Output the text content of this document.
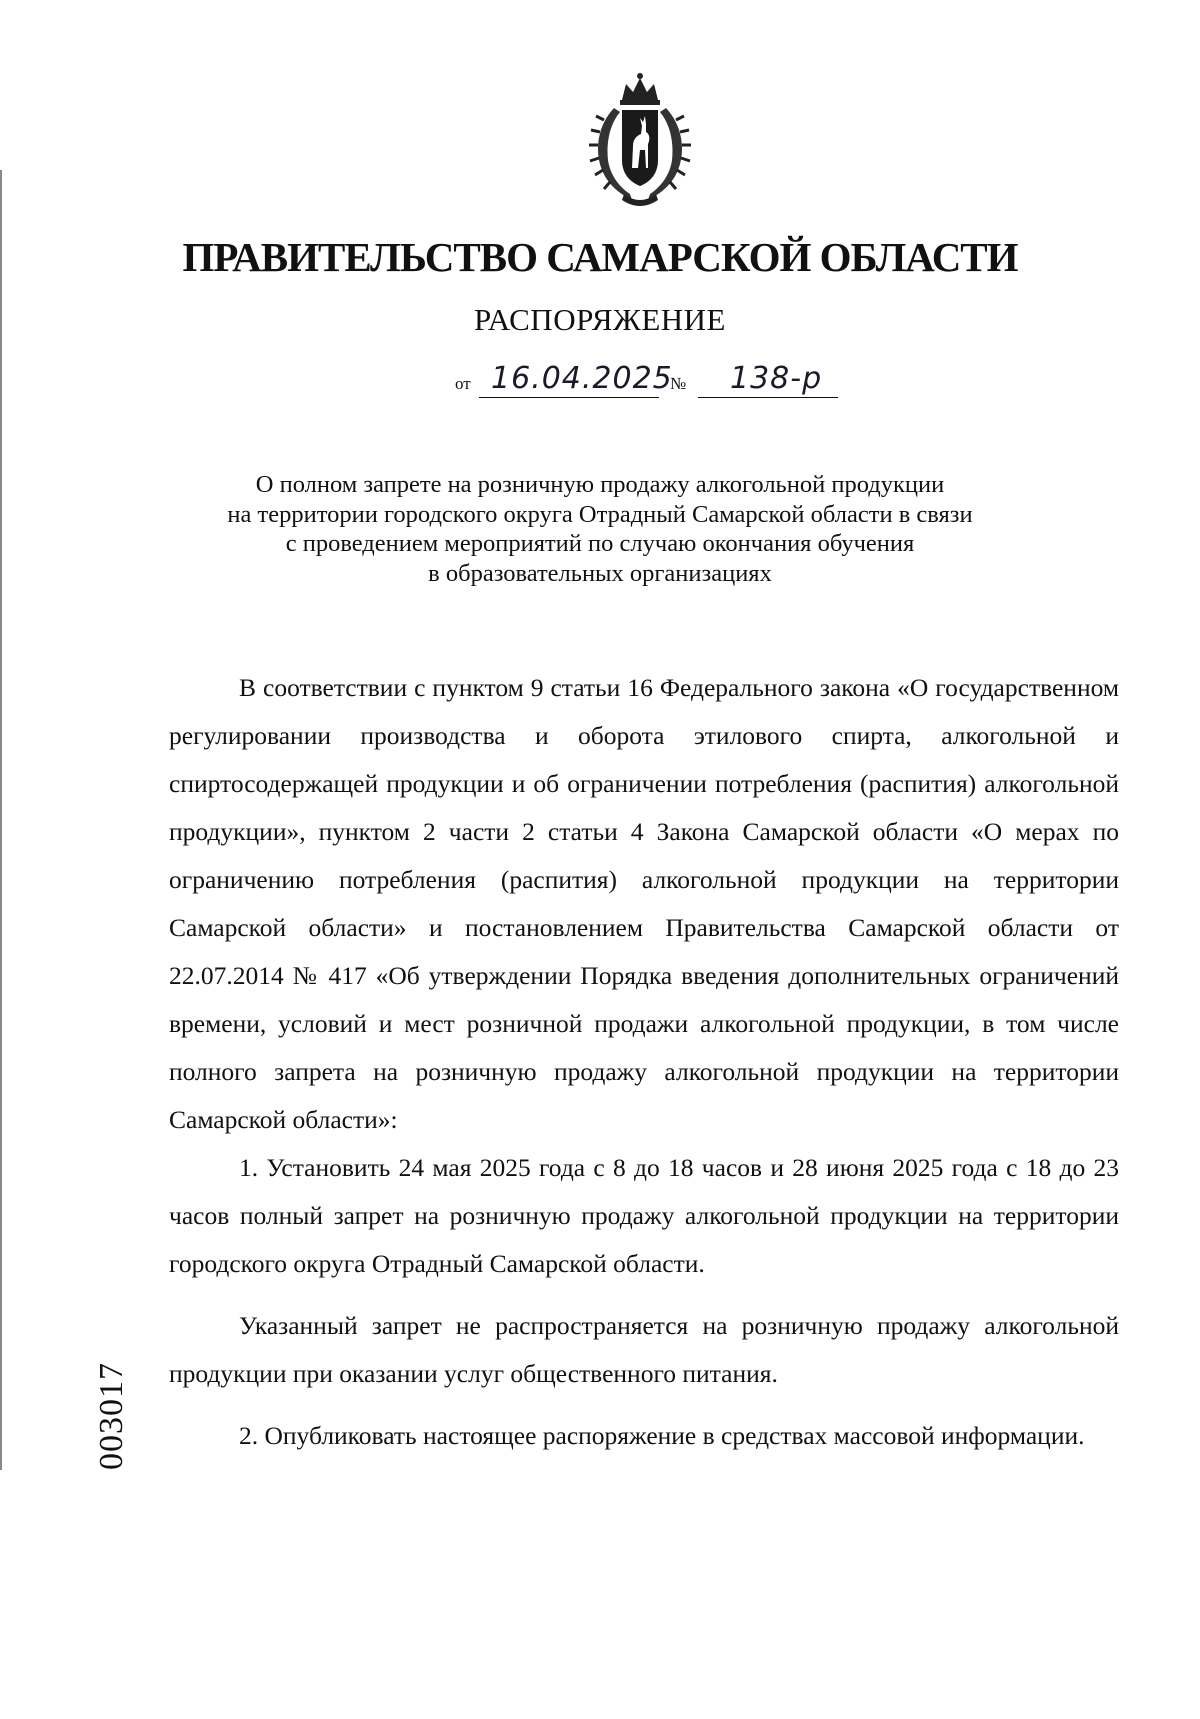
ПРАВИТЕЛЬСТВО САМАРСКОЙ ОБЛАСТИ
РАСПОРЯЖЕНИЕ
от 16.04.2025
№ 138-р
О полном запрете на розничную продажу алкогольной продукции
на территории городского округа Отрадный Самарской области в связи
с проведением мероприятий по случаю окончания обучения
в образовательных организациях

В соответствии с пунктом 9 статьи 16 Федерального закона «О государственном регулировании производства и оборота этилового спирта, алкогольной и спиртосодержащей продукции и об ограничении потребления (распития) алкогольной продукции», пунктом 2 части 2 статьи 4 Закона Самарской области «О мерах по ограничению потребления (распития) алкогольной продукции на территории Самарской области» и постановлением Правительства Самарской области от 22.07.2014 № 417 «Об утверждении Порядка введения дополнительных ограничений времени, условий и мест розничной продажи алкогольной продукции, в том числе полного запрета на розничную продажу алкогольной продукции на территории Самарской области»:

1. Установить 24 мая 2025 года с 8 до 18 часов и 28 июня 2025 года с 18 до 23 часов полный запрет на розничную продажу алкогольной продукции на территории городского округа Отрадный Самарской области.

Указанный запрет не распространяется на розничную продажу алкогольной продукции при оказании услуг общественного питания.

2. Опубликовать настоящее распоряжение в средствах массовой информации.

003017
